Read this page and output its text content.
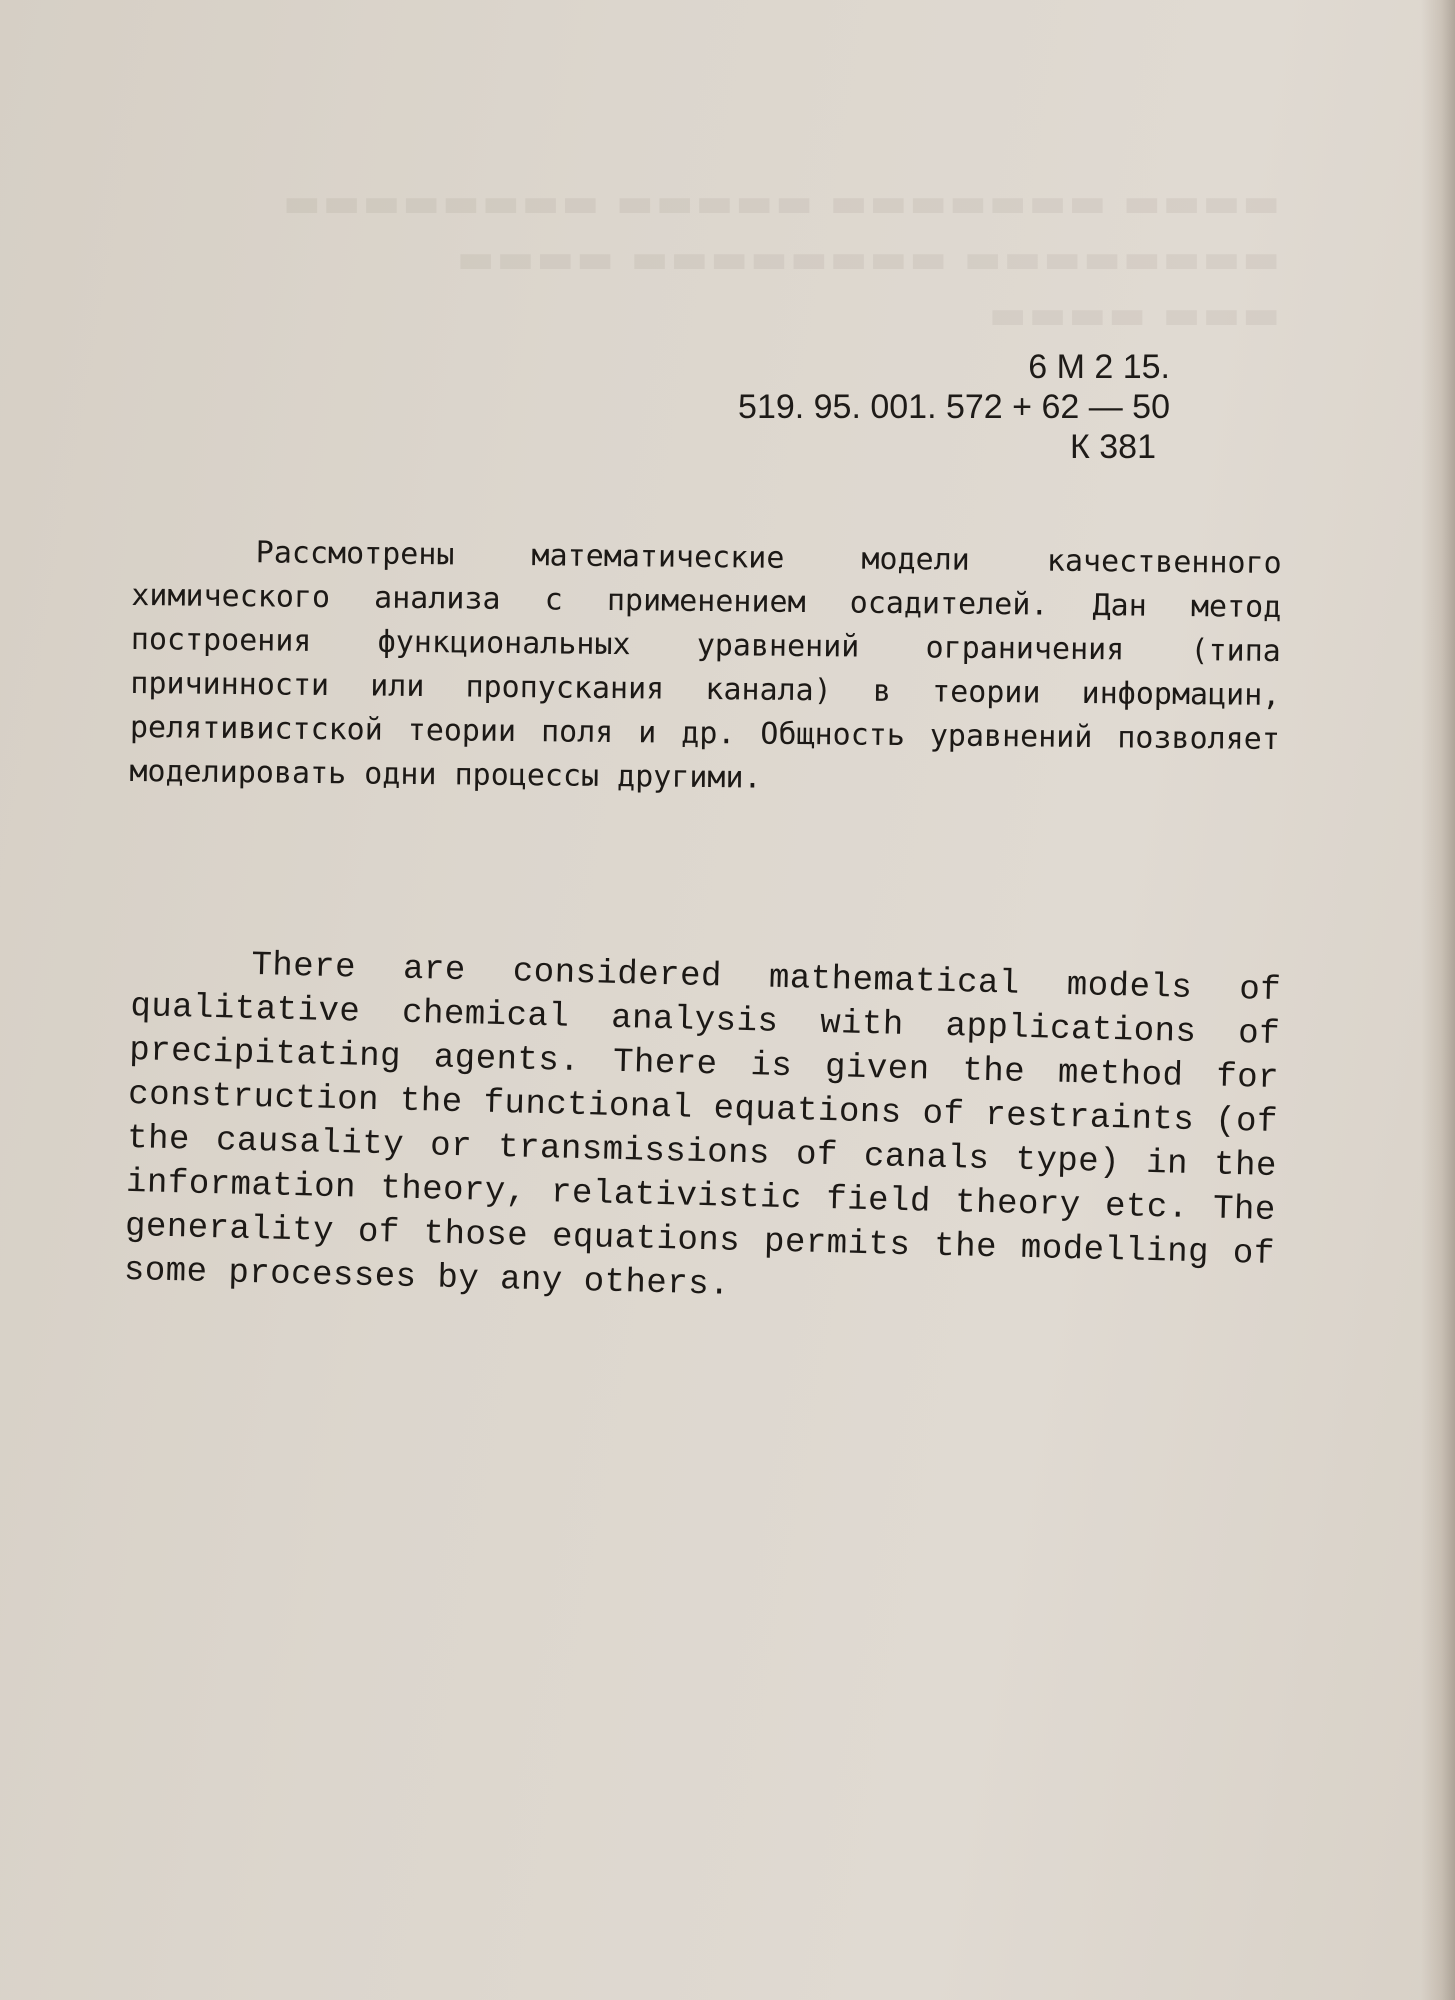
▬▬▬▬ ▬▬▬▬▬▬▬ ▬▬▬▬▬ ▬▬▬▬▬▬▬▬
▬▬▬▬▬▬▬▬ ▬▬▬▬▬▬▬▬ ▬▬▬▬
▬▬▬ ▬▬▬▬
6 М 2 15.
519. 95. 001. 572 + 62 — 50
К 381

Рассмотрены математические модели качественного химического анализа с применением осадителей. Дан метод построения функциональных уравнений ограничения (типа причинности или пропускания канала) в теории информацин, релятивистской теории поля и др. Общность уравнений позволяет моделировать одни процессы другими.

There are considered mathematical models of qualitative chemical analysis with applications of precipitating agents. There is given the method for construction the functional equations of restraints (of the causality or transmissions of canals type) in the information theory, relativistic field theory etc. The generality of those equations permits the modelling of some processes by any others.
